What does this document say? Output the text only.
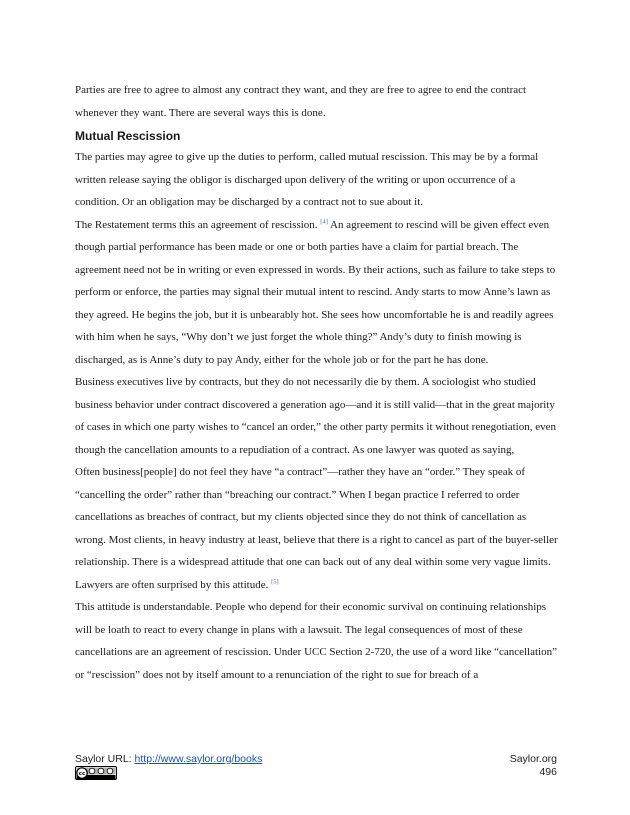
Parties are free to agree to almost any contract they want, and they are free to agree to end the contract whenever they want. There are several ways this is done.

Mutual Rescission

The parties may agree to give up the duties to perform, called mutual rescission. This may be by a formal written release saying the obligor is discharged upon delivery of the writing or upon occurrence of a condition. Or an obligation may be discharged by a contract not to sue about it.

The Restatement terms this an agreement of rescission. [4] An agreement to rescind will be given effect even though partial performance has been made or one or both parties have a claim for partial breach. The agreement need not be in writing or even expressed in words. By their actions, such as failure to take steps to perform or enforce, the parties may signal their mutual intent to rescind. Andy starts to mow Anne’s lawn as they agreed. He begins the job, but it is unbearably hot. She sees how uncomfortable he is and readily agrees with him when he says, “Why don’t we just forget the whole thing?” Andy’s duty to finish mowing is discharged, as is Anne’s duty to pay Andy, either for the whole job or for the part he has done.

Business executives live by contracts, but they do not necessarily die by them. A sociologist who studied business behavior under contract discovered a generation ago—and it is still valid—that in the great majority of cases in which one party wishes to “cancel an order,” the other party permits it without renegotiation, even though the cancellation amounts to a repudiation of a contract. As one lawyer was quoted as saying,

Often business[people] do not feel they have “a contract”—rather they have an “order.” They speak of “cancelling the order” rather than “breaching our contract.” When I began practice I referred to order cancellations as breaches of contract, but my clients objected since they do not think of cancellation as wrong. Most clients, in heavy industry at least, believe that there is a right to cancel as part of the buyer-seller relationship. There is a widespread attitude that one can back out of any deal within some very vague limits. Lawyers are often surprised by this attitude. [5]

This attitude is understandable. People who depend for their economic survival on continuing relationships will be loath to react to every change in plans with a lawsuit. The legal consequences of most of these cancellations are an agreement of rescission. Under UCC Section 2-720, the use of a word like “cancellation” or “rescission” does not by itself amount to a renunciation of the right to sue for breach of a

Saylor URL: http://www.saylor.org/books
cc
Saylor.org
496
